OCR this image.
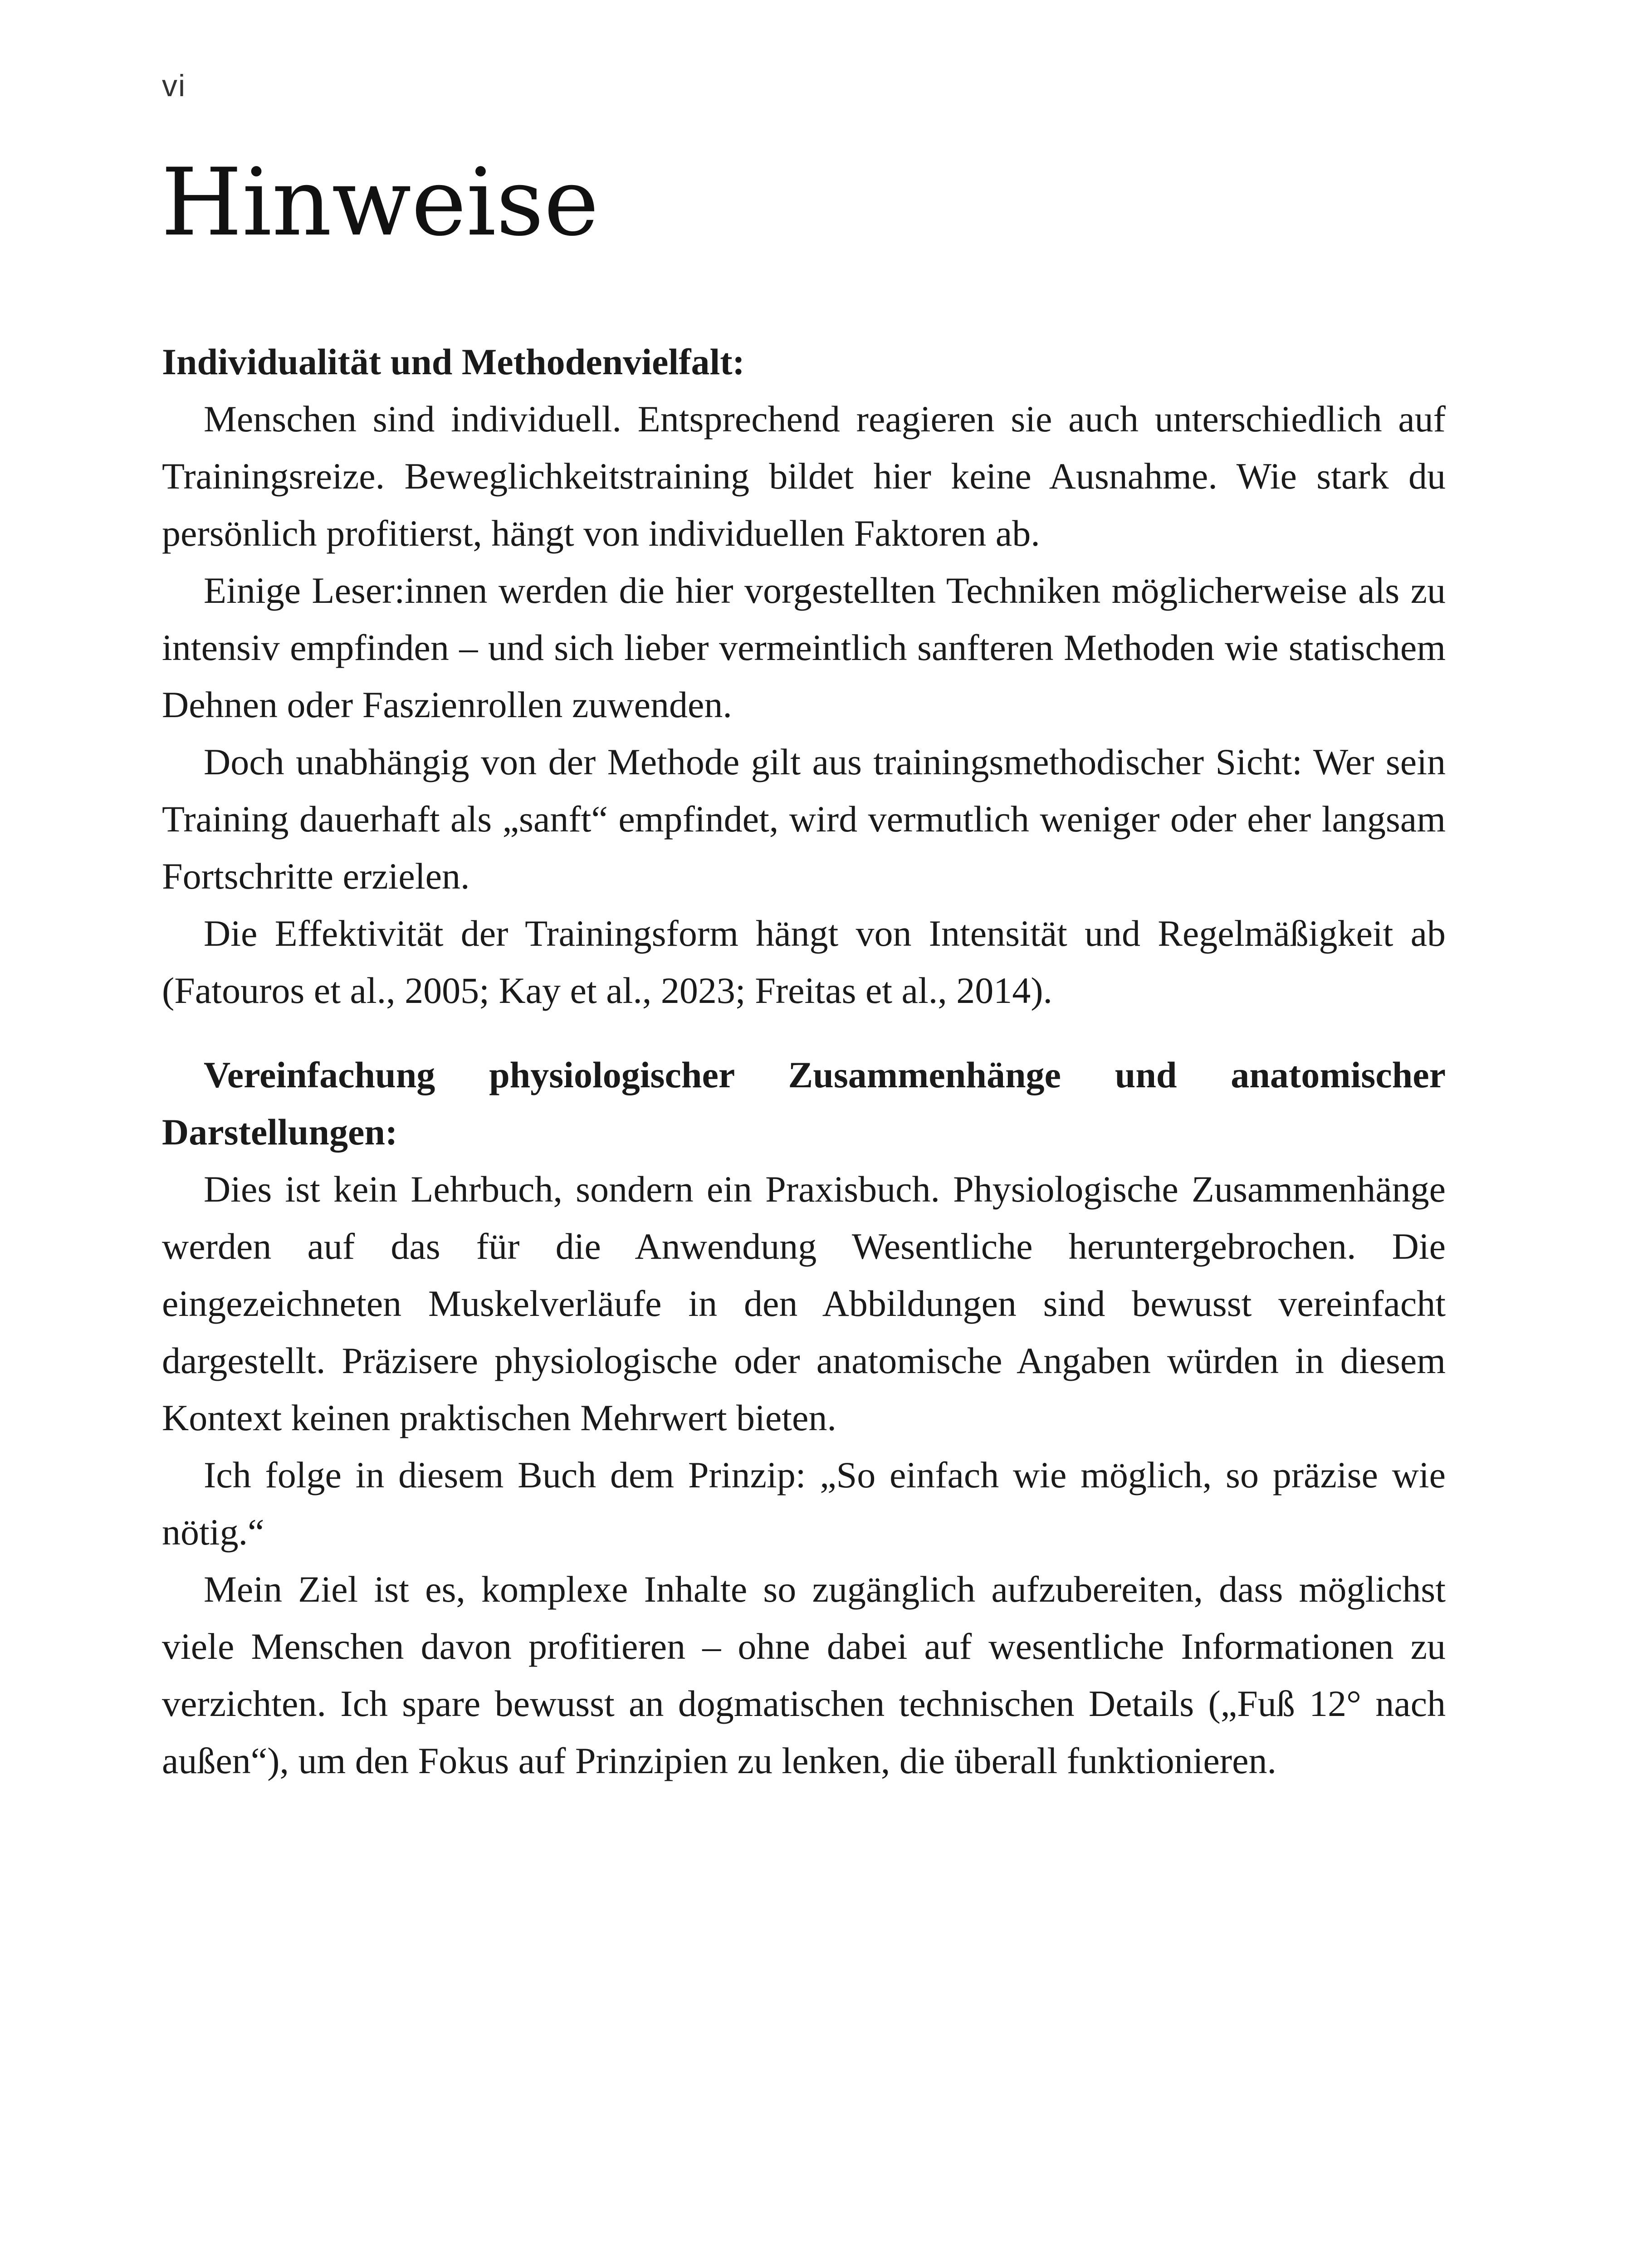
vi
Hinweise

Individualität und Methodenvielfalt:

Menschen sind individuell. Entsprechend reagieren sie auch unterschiedlich auf Trainingsreize. Beweglichkeitstraining bildet hier keine Ausnahme. Wie stark du persönlich profitierst, hängt von individuellen Faktoren ab.

Einige Leser:innen werden die hier vorgestellten Techniken möglicherweise als zu intensiv empfinden – und sich lieber vermeintlich sanfteren Methoden wie statischem Dehnen oder Faszienrollen zuwenden.

Doch unabhängig von der Methode gilt aus trainingsmethodischer Sicht: Wer sein Training dauerhaft als „sanft“ empfindet, wird vermutlich weniger oder eher langsam Fortschritte erzielen.

Die Effektivität der Trainingsform hängt von Intensität und Regelmäßigkeit ab (Fatouros et al., 2005; Kay et al., 2023; Freitas et al., 2014).

Vereinfachung physiologischer Zusammenhänge und anatomischer Darstellungen:

Dies ist kein Lehrbuch, sondern ein Praxisbuch. Physiologische Zusammenhänge werden auf das für die Anwendung Wesentliche heruntergebrochen. Die eingezeichneten Muskelverläufe in den Abbildungen sind bewusst vereinfacht dargestellt. Präzisere physiologische oder anatomische Angaben würden in diesem Kontext keinen praktischen Mehrwert bieten.

Ich folge in diesem Buch dem Prinzip: „So einfach wie möglich, so präzise wie nötig.“

Mein Ziel ist es, komplexe Inhalte so zugänglich aufzubereiten, dass möglichst viele Menschen davon profitieren – ohne dabei auf wesentliche Informationen zu verzichten. Ich spare bewusst an dogmatischen technischen Details („Fuß 12° nach außen“), um den Fokus auf Prinzipien zu lenken, die überall funktionieren.
